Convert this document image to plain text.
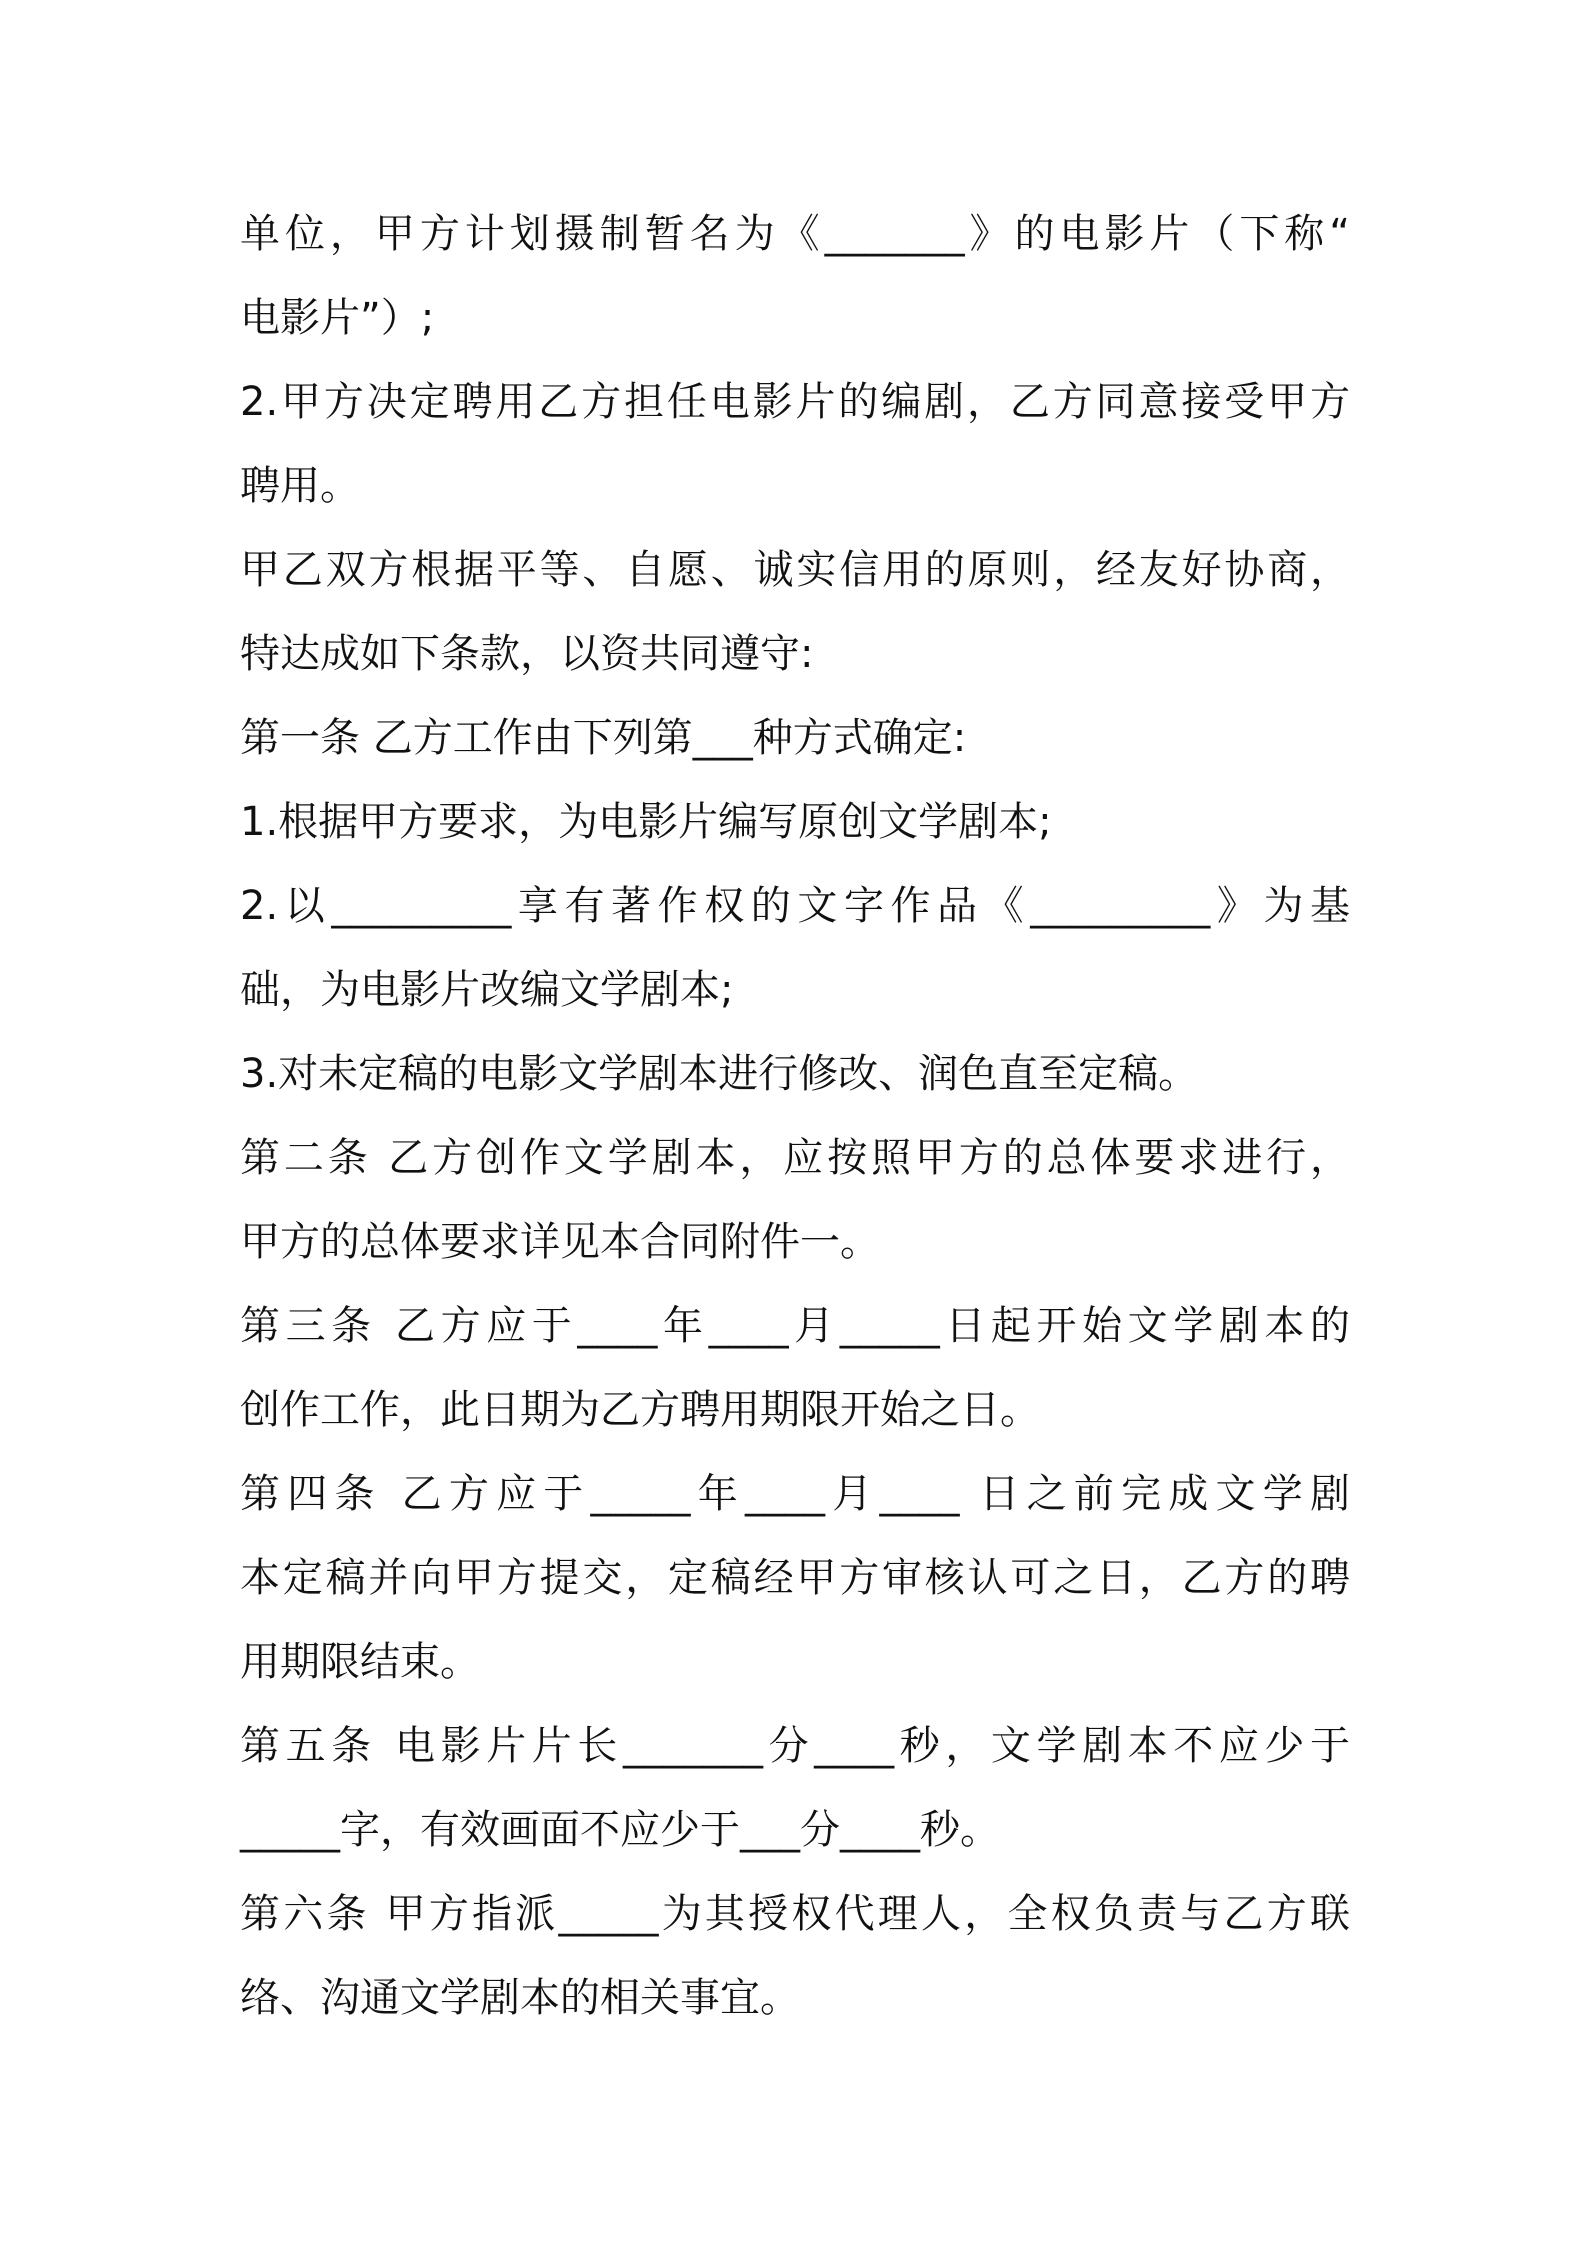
单位，甲方计划摄制暂名为《_______》的电影片（下称“
电影片”）;
2.甲方决定聘用乙方担任电影片的编剧，乙方同意接受甲方
聘用。
甲乙双方根据平等、自愿、诚实信用的原则，经友好协商，
特达成如下条款，以资共同遵守:
第一条 乙方工作由下列第___种方式确定:
1.根据甲方要求，为电影片编写原创文学剧本;
2.以_________享有著作权的文字作品《_________》为基
础，为电影片改编文学剧本;
3.对未定稿的电影文学剧本进行修改、润色直至定稿。
第二条 乙方创作文学剧本，应按照甲方的总体要求进行，
甲方的总体要求详见本合同附件一。
第三条 乙方应于____年____月_____日起开始文学剧本的
创作工作，此日期为乙方聘用期限开始之日。
第四条 乙方应于_____年____月____ 日之前完成文学剧
本定稿并向甲方提交，定稿经甲方审核认可之日，乙方的聘
用期限结束。
第五条 电影片片长_______分____秒，文学剧本不应少于
_____字，有效画面不应少于___分____秒。
第六条 甲方指派_____为其授权代理人，全权负责与乙方联
络、沟通文学剧本的相关事宜。
